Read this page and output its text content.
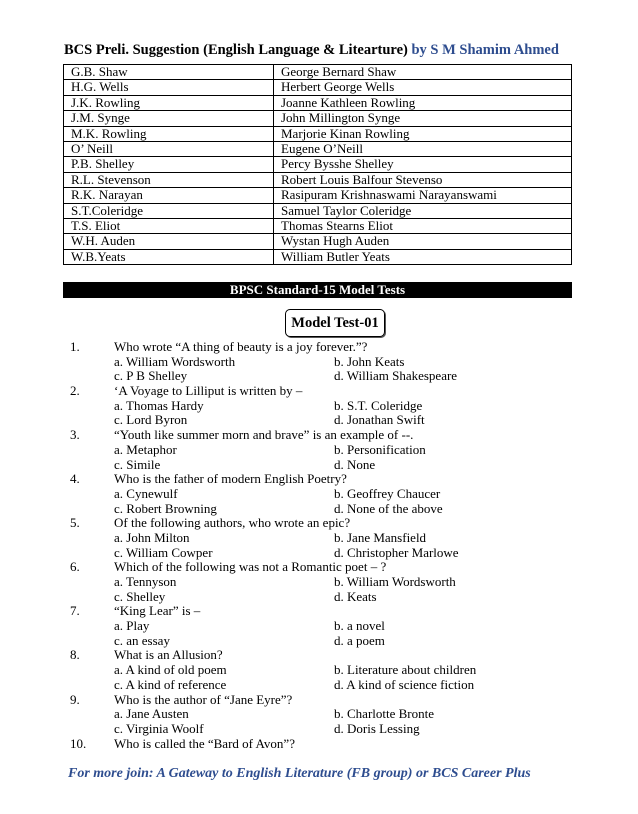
BCS Preli. Suggestion (English Language & Litearture) by S M Shamim Ahmed
G.B. Shaw	George Bernard Shaw
H.G. Wells	Herbert George Wells
J.K. Rowling	Joanne Kathleen Rowling
J.M. Synge	John Millington Synge
M.K. Rowling	Marjorie Kinan Rowling
O’ Neill	Eugene O’Neill
P.B. Shelley	Percy Bysshe Shelley
R.L. Stevenson	Robert Louis Balfour Stevenso
R.K. Narayan	Rasipuram Krishnaswami Narayanswami
S.T.Coleridge	Samuel Taylor Coleridge
T.S. Eliot	Thomas Stearns Eliot
W.H. Auden	Wystan Hugh Auden
W.B.Yeats	William Butler Yeats
BPSC Standard-15 Model Tests
Model Test-01
1.	Who wrote “A thing of beauty is a joy forever.”?
a. William Wordsworth	b. John Keats
c. P B Shelley	d. William Shakespeare
2.	‘A Voyage to Lilliput is written by –
a. Thomas Hardy	b. S.T. Coleridge
c. Lord Byron	d. Jonathan Swift
3.	“Youth like summer morn and brave” is an example of --.
a. Metaphor	b. Personification
c. Simile	d. None
4.	Who is the father of modern English Poetry?
a. Cynewulf	b. Geoffrey Chaucer
c. Robert Browning	d. None of the above
5.	Of the following authors, who wrote an epic?
a. John Milton	b. Jane Mansfield
c. William Cowper	d. Christopher Marlowe
6.	Which of the following was not a Romantic poet – ?
a. Tennyson	b. William Wordsworth
c. Shelley	d. Keats
7.	“King Lear” is –
a. Play	b. a novel
c. an essay	d. a poem
8.	What is an Allusion?
a. A kind of old poem	b. Literature about children
c. A kind of reference	d. A kind of science fiction
9.	Who is the author of “Jane Eyre”?
a. Jane Austen	b. Charlotte Bronte
c. Virginia Woolf	d. Doris Lessing
10. Who is called the “Bard of Avon”?
For more join: A Gateway to English Literature (FB group) or BCS Career Plus
